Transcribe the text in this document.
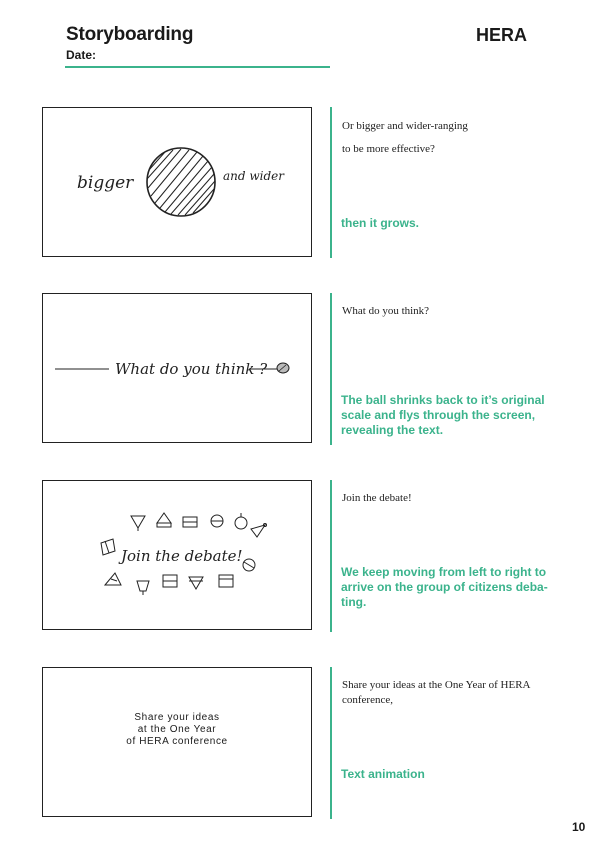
Storyboarding
Date:
HERA
bigger	and wider
Or bigger and wider-ranging
to be more effective?
then it grows.
What do you think ?
What do you think?
The ball shrinks back to it’s original scale and flys through the screen, revealing the text.
Join the debate!
Join the debate!
We keep moving from left to right to arrive on the group of citizens deba-ting.
Share your ideas
at the One Year
of HERA conference
Share your ideas at the One Year of HERA conference,
Text animation
10
